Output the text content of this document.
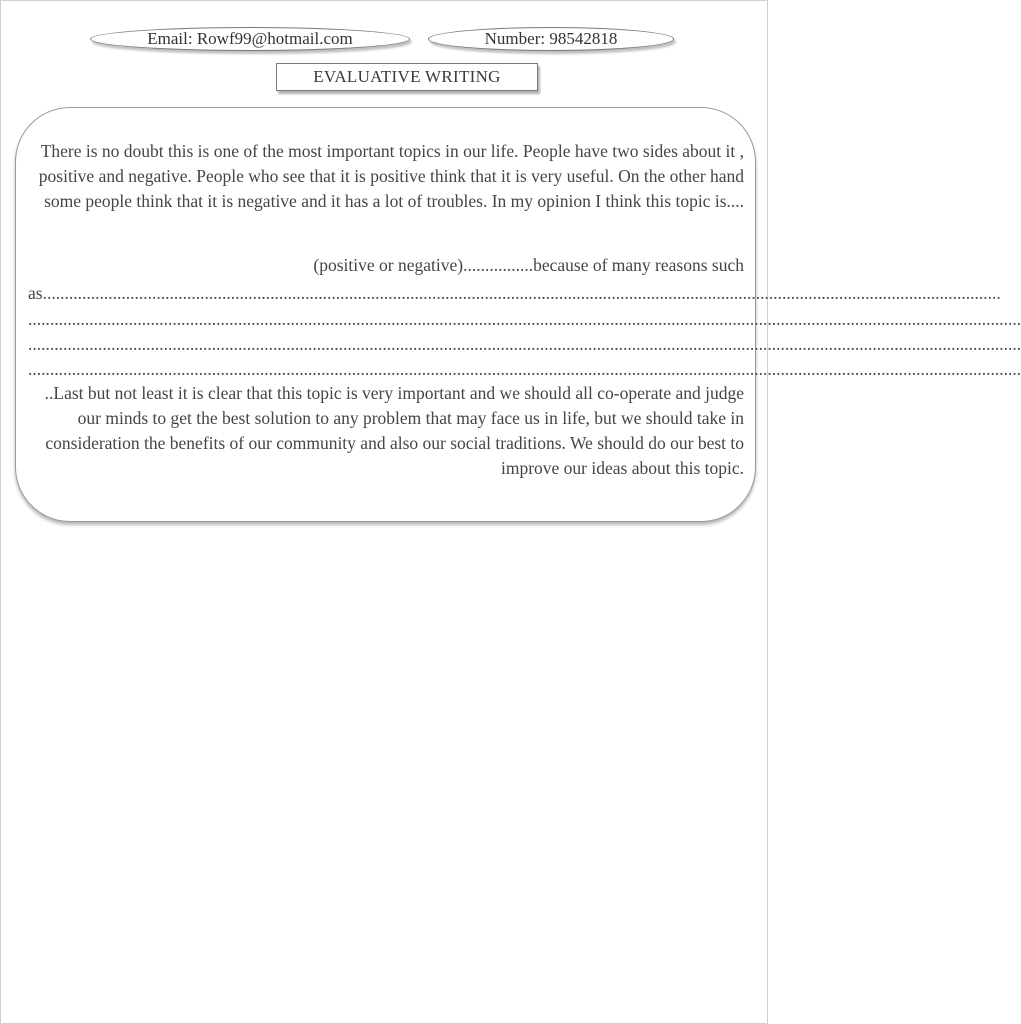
Email: Rowf99@hotmail.com	Number: 98542818
EVALUATIVE WRITING

There is no doubt this is one of the most important topics in our life. People have two sides about it , positive and negative. People who see that it is positive think that it is very useful. On the other hand some people think that it is negative and it has a lot of troubles. In my opinion I think this topic is....

(positive or negative)................because of many reasons such

as...........................................................................................................................................................................................................................
...................................................................................................................................................................................................................................
...................................................................................................................................................................................................................................
...................................................................................................................................................................................................................................

..Last but not least it is clear that this topic is very important and we should all co-operate and judge our minds to get the best solution to any problem that may face us in life, but we should take in consideration the benefits of our community and also our social traditions. We should do our best to improve our ideas about this topic.
